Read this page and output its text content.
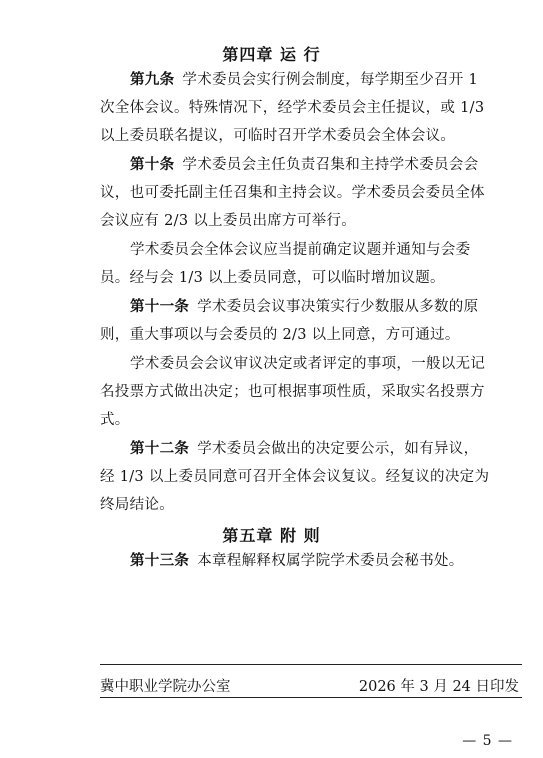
第四章 运 行
第九条 学术委员会实行例会制度，每学期至少召开 1
次全体会议。特殊情况下，经学术委员会主任提议，或 1/3
以上委员联名提议，可临时召开学术委员会全体会议。
第十条 学术委员会主任负责召集和主持学术委员会会
议，也可委托副主任召集和主持会议。学术委员会委员全体
会议应有 2/3 以上委员出席方可举行。
学术委员会全体会议应当提前确定议题并通知与会委
员。经与会 1/3 以上委员同意，可以临时增加议题。
第十一条 学术委员会议事决策实行少数服从多数的原
则，重大事项以与会委员的 2/3 以上同意，方可通过。
学术委员会会议审议决定或者评定的事项，一般以无记
名投票方式做出决定；也可根据事项性质，采取实名投票方
式。
第十二条 学术委员会做出的决定要公示，如有异议，
经 1/3 以上委员同意可召开全体会议复议。经复议的决定为
终局结论。
第五章 附 则
第十三条 本章程解释权属学院学术委员会秘书处。
冀中职业学院办公室	2026 年 3 月 24 日印发
— 5 —
